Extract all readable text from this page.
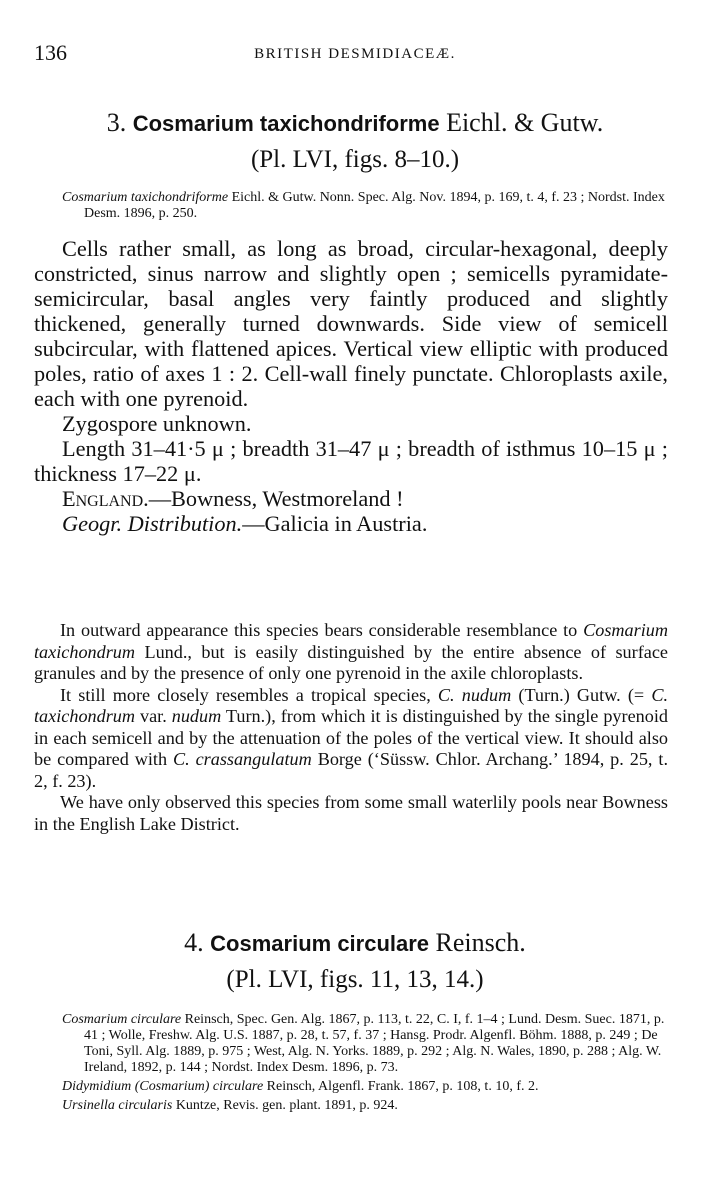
136	BRITISH DESMIDIACEÆ.
3. Cosmarium taxichondriforme Eichl. & Gutw.
(Pl. LVI, figs. 8–10.)

Cosmarium taxichondriforme Eichl. & Gutw. Nonn. Spec. Alg. Nov. 1894, p. 169, t. 4, f. 23 ; Nordst. Index Desm. 1896, p. 250.

Cells rather small, as long as broad, circular-hexagonal, deeply constricted, sinus narrow and slightly open ; semicells pyramidate-semicircular, basal angles very faintly produced and slightly thickened, generally turned downwards. Side view of semicell subcircular, with flattened apices. Vertical view elliptic with produced poles, ratio of axes 1 : 2. Cell-wall finely punctate. Chloroplasts axile, each with one pyrenoid.

Zygospore unknown.

Length 31–41·5 μ ; breadth 31–47 μ ; breadth of isthmus 10–15 μ ; thickness 17–22 μ.

England.—Bowness, Westmoreland !

Geogr. Distribution.—Galicia in Austria.

In outward appearance this species bears considerable resemblance to Cosmarium taxichondrum Lund., but is easily distinguished by the entire absence of surface granules and by the presence of only one pyrenoid in the axile chloroplasts.

It still more closely resembles a tropical species, C. nudum (Turn.) Gutw. (= C. taxichondrum var. nudum Turn.), from which it is distinguished by the single pyrenoid in each semicell and by the attenuation of the poles of the vertical view. It should also be compared with C. crassangulatum Borge (‘Süssw. Chlor. Archang.’ 1894, p. 25, t. 2, f. 23).

We have only observed this species from some small waterlily pools near Bowness in the English Lake District.

4. Cosmarium circulare Reinsch.
(Pl. LVI, figs. 11, 13, 14.)

Cosmarium circulare Reinsch, Spec. Gen. Alg. 1867, p. 113, t. 22, C. I, f. 1–4 ; Lund. Desm. Suec. 1871, p. 41 ; Wolle, Freshw. Alg. U.S. 1887, p. 28, t. 57, f. 37 ; Hansg. Prodr. Algenfl. Böhm. 1888, p. 249 ; De Toni, Syll. Alg. 1889, p. 975 ; West, Alg. N. Yorks. 1889, p. 292 ; Alg. N. Wales, 1890, p. 288 ; Alg. W. Ireland, 1892, p. 144 ; Nordst. Index Desm. 1896, p. 73.

Didymidium (Cosmarium) circulare Reinsch, Algenfl. Frank. 1867, p. 108, t. 10, f. 2.

Ursinella circularis Kuntze, Revis. gen. plant. 1891, p. 924.
